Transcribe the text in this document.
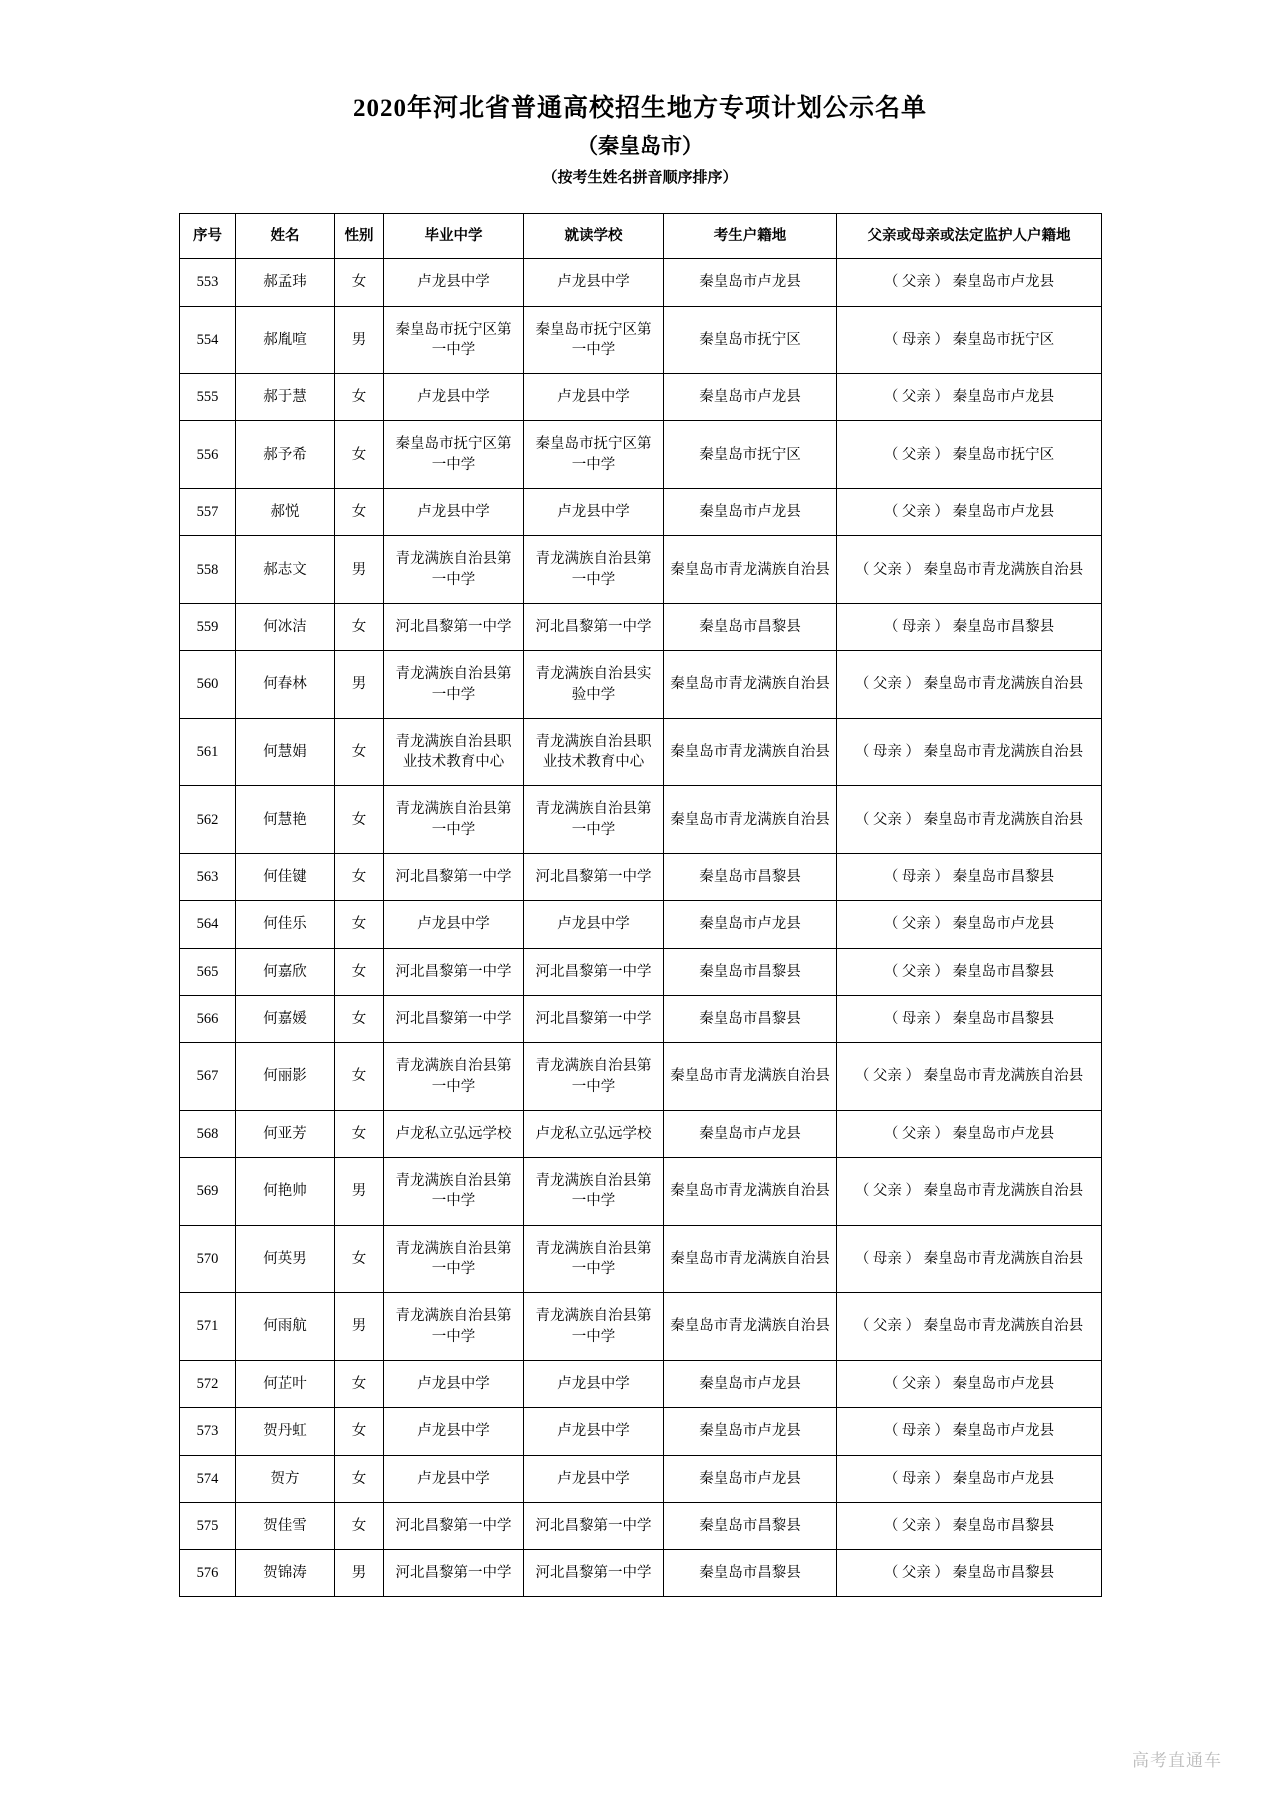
2020年河北省普通高校招生地方专项计划公示名单
（秦皇岛市）
（按考生姓名拼音顺序排序）
序号	姓名	性别	毕业中学	就读学校	考生户籍地	父亲或母亲或法定监护人户籍地
553	郝孟玮	女	卢龙县中学	卢龙县中学	秦皇岛市卢龙县	（ 父亲 ） 秦皇岛市卢龙县
554	郝胤喧	男	秦皇岛市抚宁区第一中学	秦皇岛市抚宁区第一中学	秦皇岛市抚宁区	（ 母亲 ） 秦皇岛市抚宁区
555	郝于慧	女	卢龙县中学	卢龙县中学	秦皇岛市卢龙县	（ 父亲 ） 秦皇岛市卢龙县
556	郝予希	女	秦皇岛市抚宁区第一中学	秦皇岛市抚宁区第一中学	秦皇岛市抚宁区	（ 父亲 ） 秦皇岛市抚宁区
557	郝悦	女	卢龙县中学	卢龙县中学	秦皇岛市卢龙县	（ 父亲 ） 秦皇岛市卢龙县
558	郝志文	男	青龙满族自治县第一中学	青龙满族自治县第一中学	秦皇岛市青龙满族自治县	（ 父亲 ） 秦皇岛市青龙满族自治县
559	何冰洁	女	河北昌黎第一中学	河北昌黎第一中学	秦皇岛市昌黎县	（ 母亲 ） 秦皇岛市昌黎县
560	何春林	男	青龙满族自治县第一中学	青龙满族自治县实验中学	秦皇岛市青龙满族自治县	（ 父亲 ） 秦皇岛市青龙满族自治县
561	何慧娟	女	青龙满族自治县职业技术教育中心	青龙满族自治县职业技术教育中心	秦皇岛市青龙满族自治县	（ 母亲 ） 秦皇岛市青龙满族自治县
562	何慧艳	女	青龙满族自治县第一中学	青龙满族自治县第一中学	秦皇岛市青龙满族自治县	（ 父亲 ） 秦皇岛市青龙满族自治县
563	何佳键	女	河北昌黎第一中学	河北昌黎第一中学	秦皇岛市昌黎县	（ 母亲 ） 秦皇岛市昌黎县
564	何佳乐	女	卢龙县中学	卢龙县中学	秦皇岛市卢龙县	（ 父亲 ） 秦皇岛市卢龙县
565	何嘉欣	女	河北昌黎第一中学	河北昌黎第一中学	秦皇岛市昌黎县	（ 父亲 ） 秦皇岛市昌黎县
566	何嘉媛	女	河北昌黎第一中学	河北昌黎第一中学	秦皇岛市昌黎县	（ 母亲 ） 秦皇岛市昌黎县
567	何丽影	女	青龙满族自治县第一中学	青龙满族自治县第一中学	秦皇岛市青龙满族自治县	（ 父亲 ） 秦皇岛市青龙满族自治县
568	何亚芳	女	卢龙私立弘远学校	卢龙私立弘远学校	秦皇岛市卢龙县	（ 父亲 ） 秦皇岛市卢龙县
569	何艳帅	男	青龙满族自治县第一中学	青龙满族自治县第一中学	秦皇岛市青龙满族自治县	（ 父亲 ） 秦皇岛市青龙满族自治县
570	何英男	女	青龙满族自治县第一中学	青龙满族自治县第一中学	秦皇岛市青龙满族自治县	（ 母亲 ） 秦皇岛市青龙满族自治县
571	何雨航	男	青龙满族自治县第一中学	青龙满族自治县第一中学	秦皇岛市青龙满族自治县	（ 父亲 ） 秦皇岛市青龙满族自治县
572	何芷叶	女	卢龙县中学	卢龙县中学	秦皇岛市卢龙县	（ 父亲 ） 秦皇岛市卢龙县
573	贺丹虹	女	卢龙县中学	卢龙县中学	秦皇岛市卢龙县	（ 母亲 ） 秦皇岛市卢龙县
574	贺方	女	卢龙县中学	卢龙县中学	秦皇岛市卢龙县	（ 母亲 ） 秦皇岛市卢龙县
575	贺佳雪	女	河北昌黎第一中学	河北昌黎第一中学	秦皇岛市昌黎县	（ 父亲 ） 秦皇岛市昌黎县
576	贺锦涛	男	河北昌黎第一中学	河北昌黎第一中学	秦皇岛市昌黎县	（ 父亲 ） 秦皇岛市昌黎县
高考直通车
